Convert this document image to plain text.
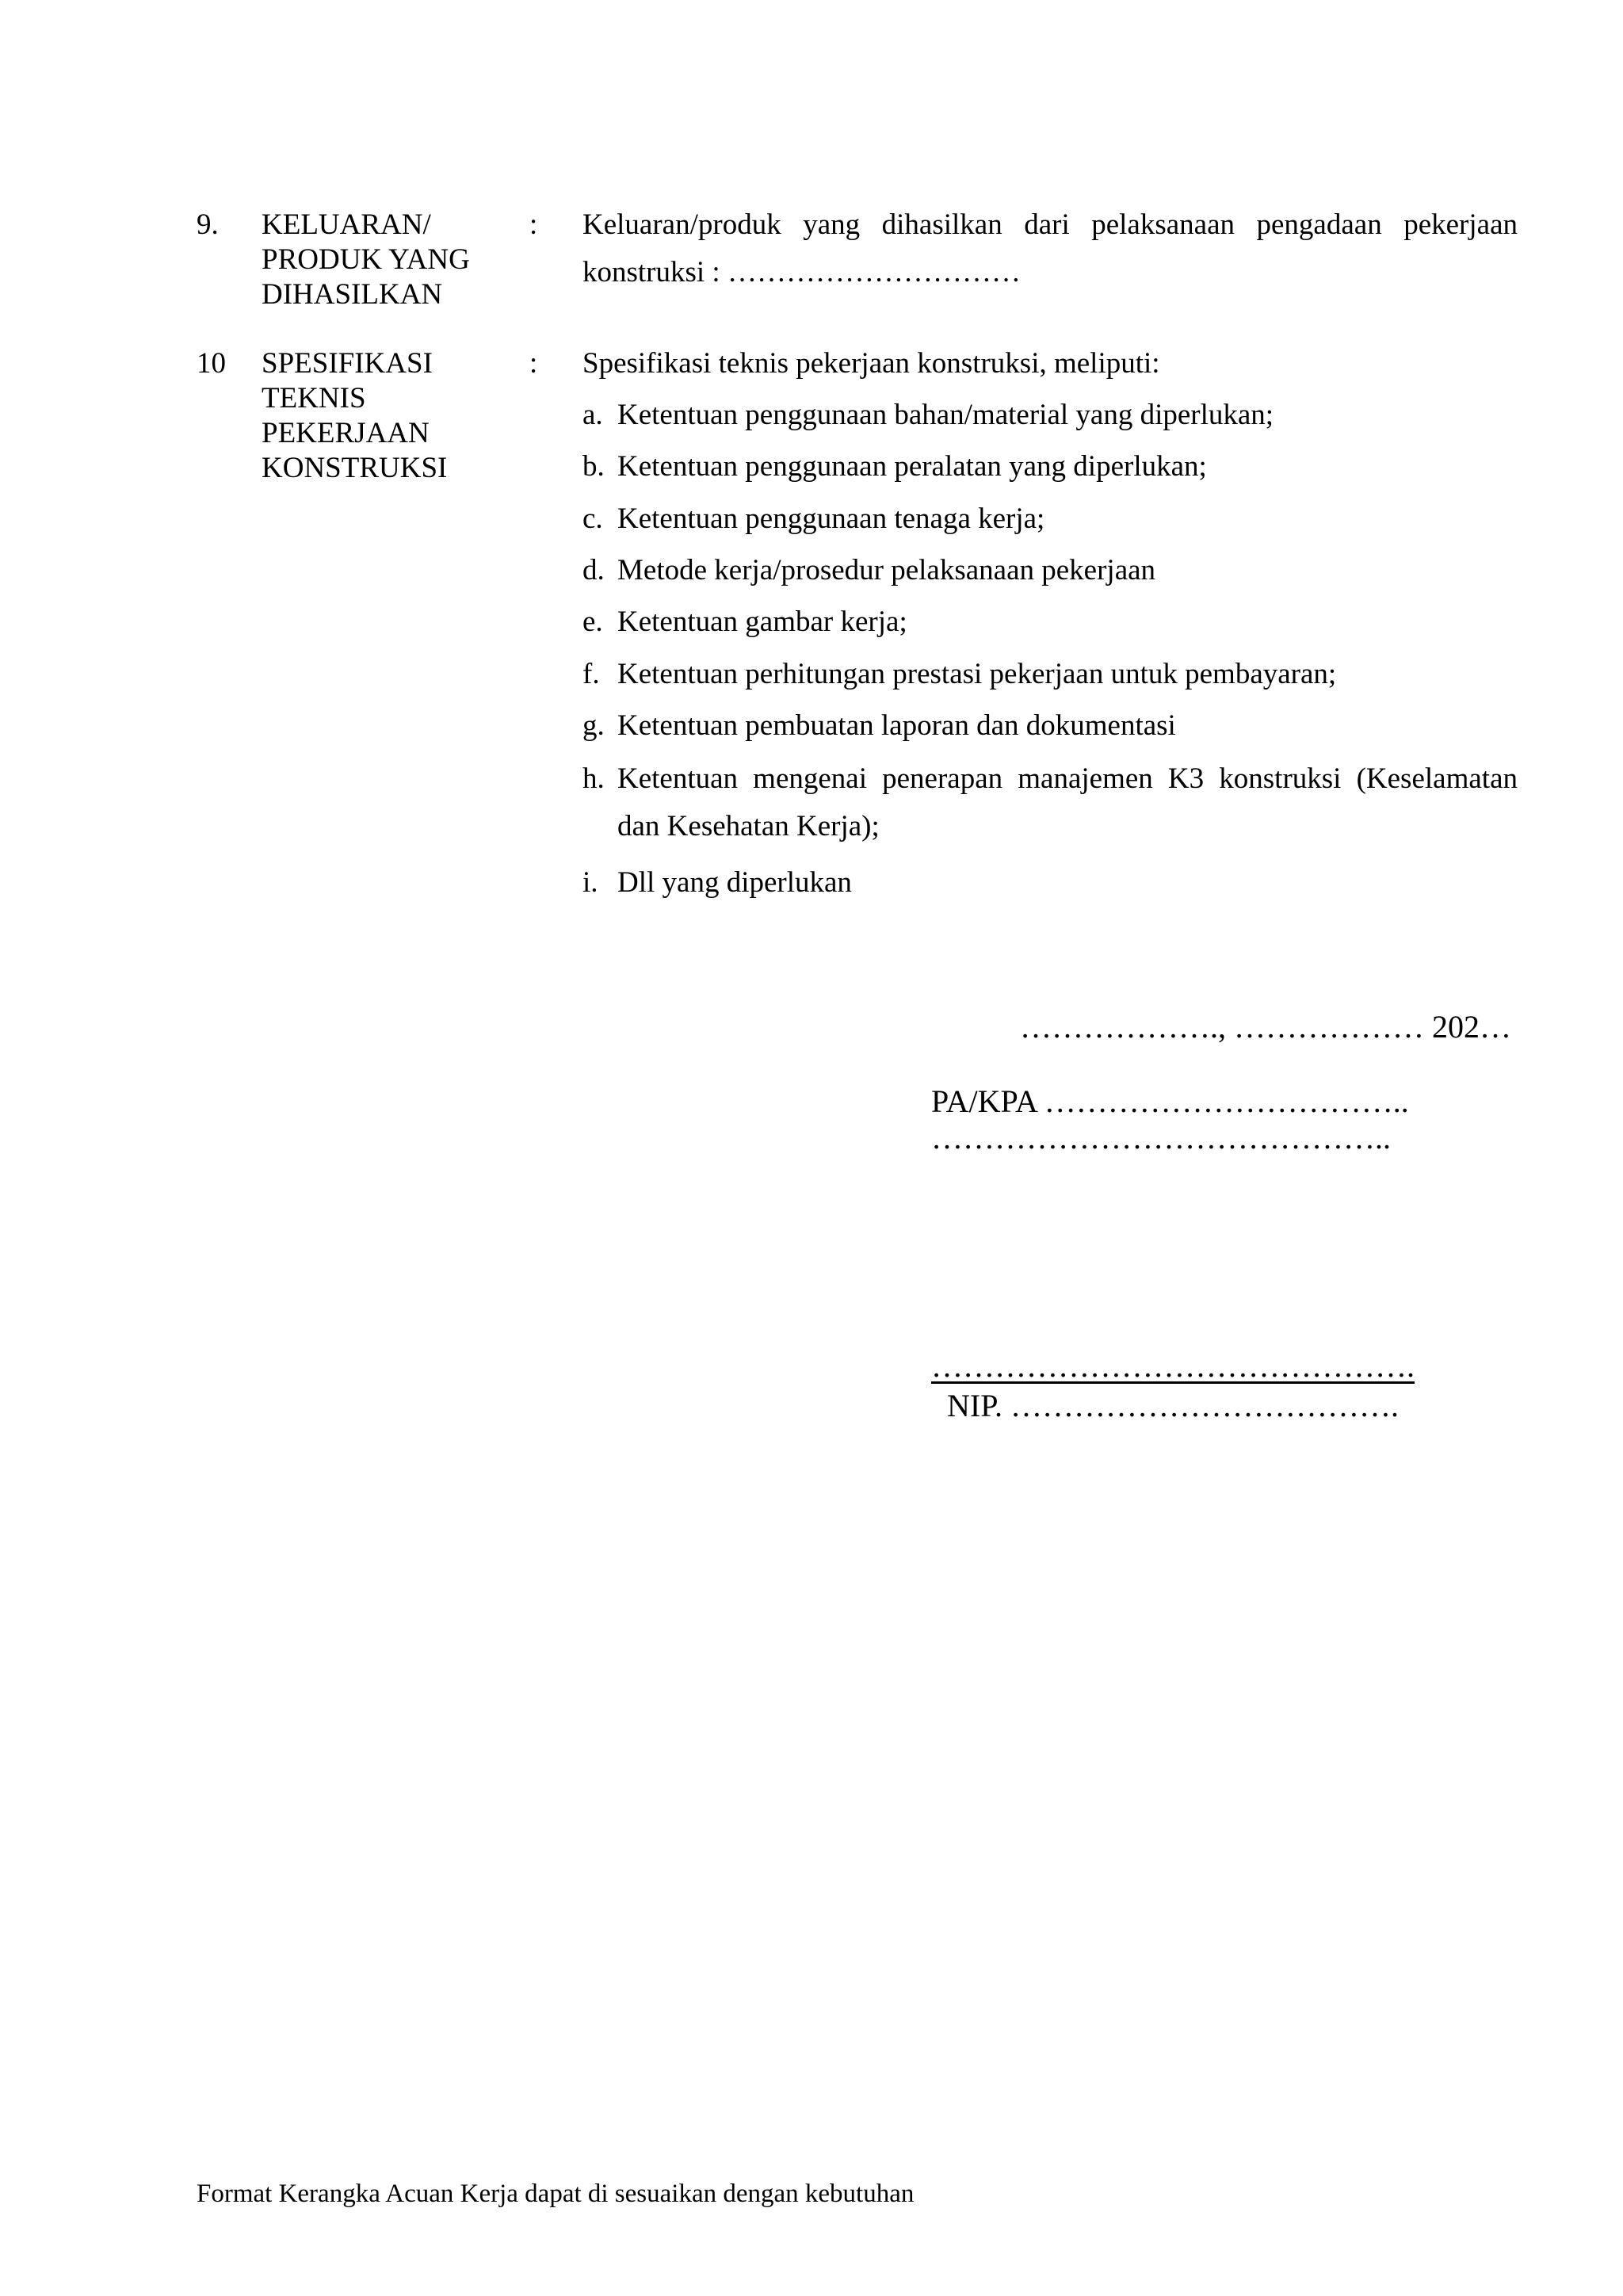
9. KELUARAN/
PRODUK YANG
DIHASILKAN
: Keluaran/produk yang dihasilkan dari pelaksanaan pengadaan pekerjaan konstruksi : …………………………
10 SPESIFIKASI
TEKNIS
PEKERJAAN
KONSTRUKSI
: Spesifikasi teknis pekerjaan konstruksi, meliputi:
a. Ketentuan penggunaan bahan/material yang diperlukan;
b. Ketentuan penggunaan peralatan yang diperlukan;
c. Ketentuan penggunaan tenaga kerja;
d. Metode kerja/prosedur pelaksanaan pekerjaan
e. Ketentuan gambar kerja;
f. Ketentuan perhitungan prestasi pekerjaan untuk pembayaran;
g. Ketentuan pembuatan laporan dan dokumentasi
h. Ketentuan mengenai penerapan manajemen K3 konstruksi (Keselamatan dan Kesehatan Kerja);
i. Dll yang diperlukan
………………., ……………… 202…
PA/KPA ……………………………..
……………………………………..
……………………………………….
NIP. ……………………………….
Format Kerangka Acuan Kerja dapat di sesuaikan dengan kebutuhan
